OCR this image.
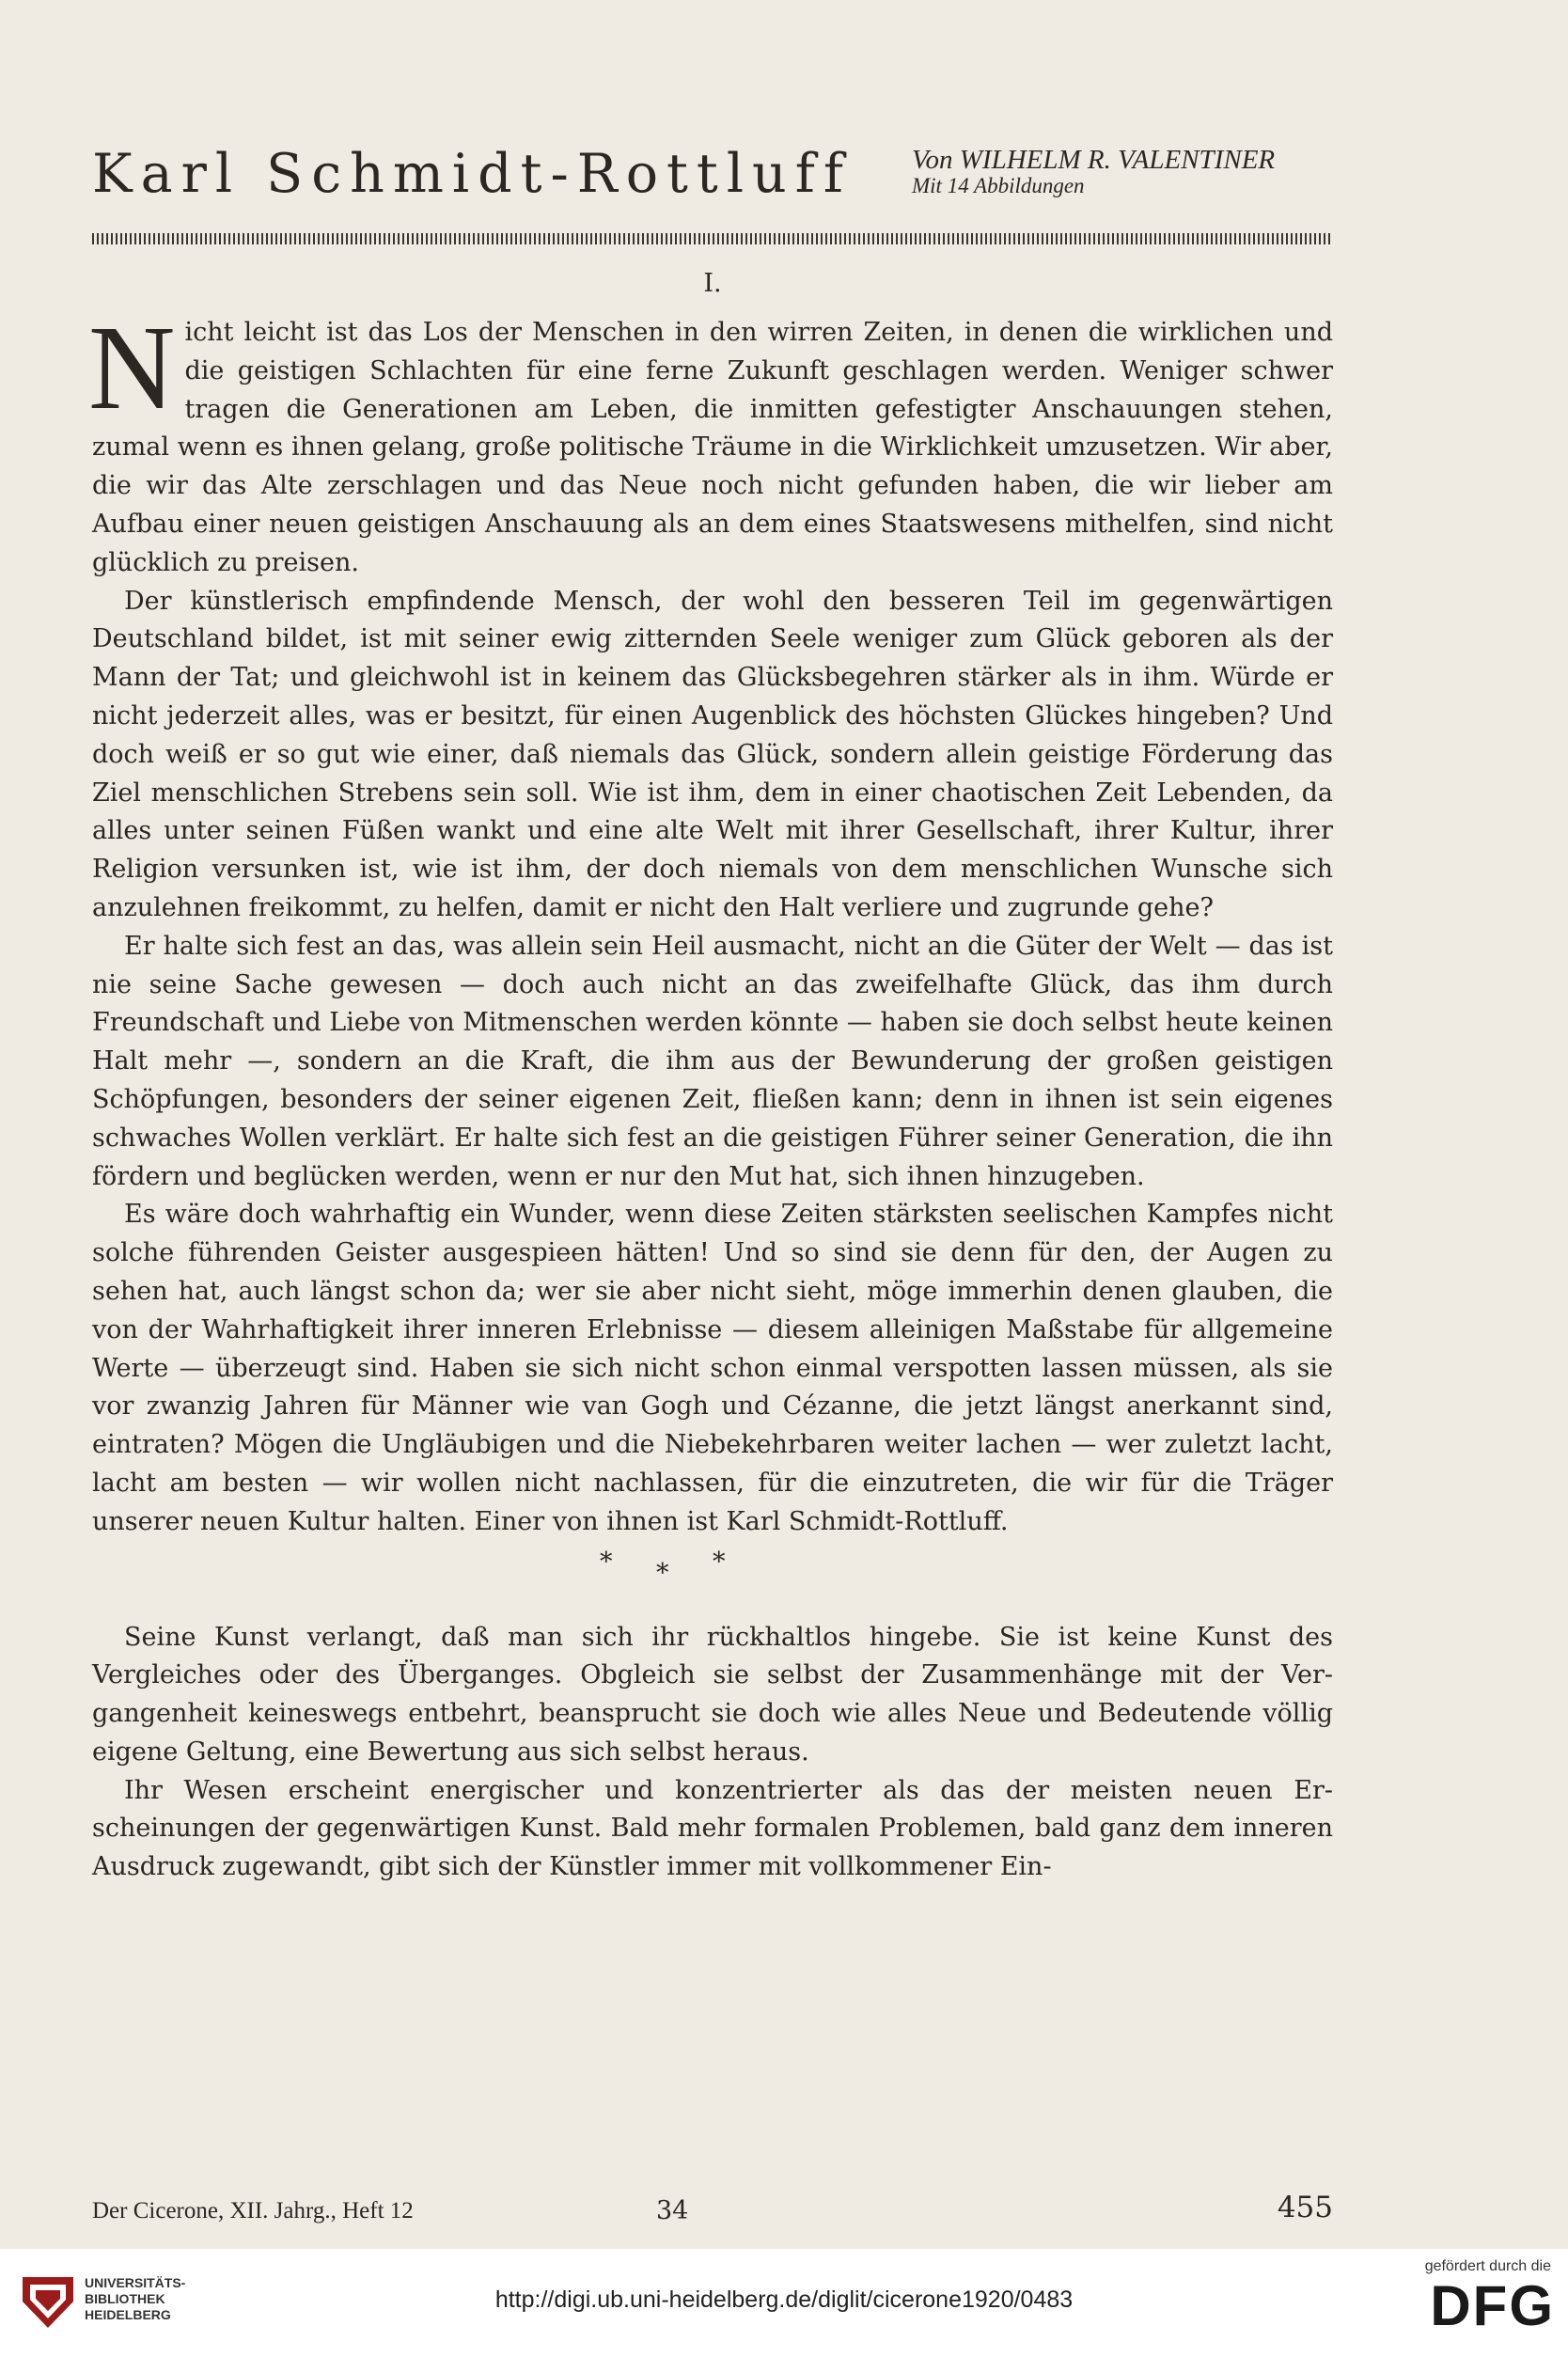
Karl Schmidt-Rottluff Von WILHELM R. VALENTINER
Mit 14 Abbildungen
I.

Nicht leicht ist das Los der Menschen in den wirren Zeiten, in denen die wirklichen und die geistigen Schlachten für eine ferne Zukunft geschlagen werden. Weniger schwer tragen die Generationen am Leben, die inmitten gefestigter Anschauungen stehen, zumal wenn es ihnen gelang, große politische Träume in die Wirklichkeit umzusetzen. Wir aber, die wir das Alte zerschlagen und das Neue noch nicht gefunden haben, die wir lieber am Aufbau einer neuen geistigen Anschauung als an dem eines Staatswesens mithelfen, sind nicht glücklich zu preisen.

Der künstlerisch empfindende Mensch, der wohl den besseren Teil im gegenwärtigen Deutschland bildet, ist mit seiner ewig zitternden Seele weniger zum Glück geboren als der Mann der Tat; und gleichwohl ist in keinem das Glücksbegehren stärker als in ihm. Würde er nicht jederzeit alles, was er besitzt, für einen Augenblick des höchsten Glückes hingeben? Und doch weiß er so gut wie einer, daß niemals das Glück, sondern allein geistige Förderung das Ziel menschlichen Strebens sein soll. Wie ist ihm, dem in einer chaotischen Zeit Lebenden, da alles unter seinen Füßen wankt und eine alte Welt mit ihrer Gesellschaft, ihrer Kultur, ihrer Religion versunken ist, wie ist ihm, der doch niemals von dem menschlichen Wunsche sich anzulehnen freikommt, zu helfen, damit er nicht den Halt verliere und zugrunde gehe?

Er halte sich fest an das, was allein sein Heil ausmacht, nicht an die Güter der Welt — das ist nie seine Sache gewesen — doch auch nicht an das zweifelhafte Glück, das ihm durch Freundschaft und Liebe von Mitmenschen werden könnte — haben sie doch selbst heute keinen Halt mehr —, sondern an die Kraft, die ihm aus der Bewunderung der großen geistigen Schöpfungen, besonders der seiner eigenen Zeit, fließen kann; denn in ihnen ist sein eigenes schwaches Wollen verklärt. Er halte sich fest an die geistigen Führer seiner Generation, die ihn fördern und beglücken werden, wenn er nur den Mut hat, sich ihnen hinzugeben.

Es wäre doch wahrhaftig ein Wunder, wenn diese Zeiten stärksten seelischen Kampfes nicht solche führenden Geister ausgespieen hätten! Und so sind sie denn für den, der Augen zu sehen hat, auch längst schon da; wer sie aber nicht sieht, möge immerhin denen glauben, die von der Wahrhaftigkeit ihrer inneren Erlebnisse — diesem alleinigen Maßstabe für allgemeine Werte — überzeugt sind. Haben sie sich nicht schon einmal verspotten lassen müssen, als sie vor zwanzig Jahren für Männer wie van Gogh und Cézanne, die jetzt längst anerkannt sind, eintraten? Mögen die Ungläubigen und die Niebekehrbaren weiter lachen — wer zuletzt lacht, lacht am besten — wir wollen nicht nachlassen, für die einzutreten, die wir für die Träger unserer neuen Kultur halten. Einer von ihnen ist Karl Schmidt-Rottluff.

* * *

Seine Kunst verlangt, daß man sich ihr rückhaltlos hingebe. Sie ist keine Kunst des Vergleiches oder des Überganges. Obgleich sie selbst der Zusammenhänge mit der Vergangenheit keineswegs entbehrt, beansprucht sie doch wie alles Neue und Bedeutende völlig eigene Geltung, eine Bewertung aus sich selbst heraus.

Ihr Wesen erscheint energischer und konzentrierter als das der meisten neuen Erscheinungen der gegenwärtigen Kunst. Bald mehr formalen Problemen, bald ganz dem inneren Ausdruck zugewandt, gibt sich der Künstler immer mit vollkommener Ein-

Der Cicerone, XII. Jahrg., Heft 12	34	455
UNIVERSITÄTS-
BIBLIOTHEK
HEIDELBERG
http://digi.ub.uni-heidelberg.de/diglit/cicerone1920/0483
gefördert durch die
DFG
